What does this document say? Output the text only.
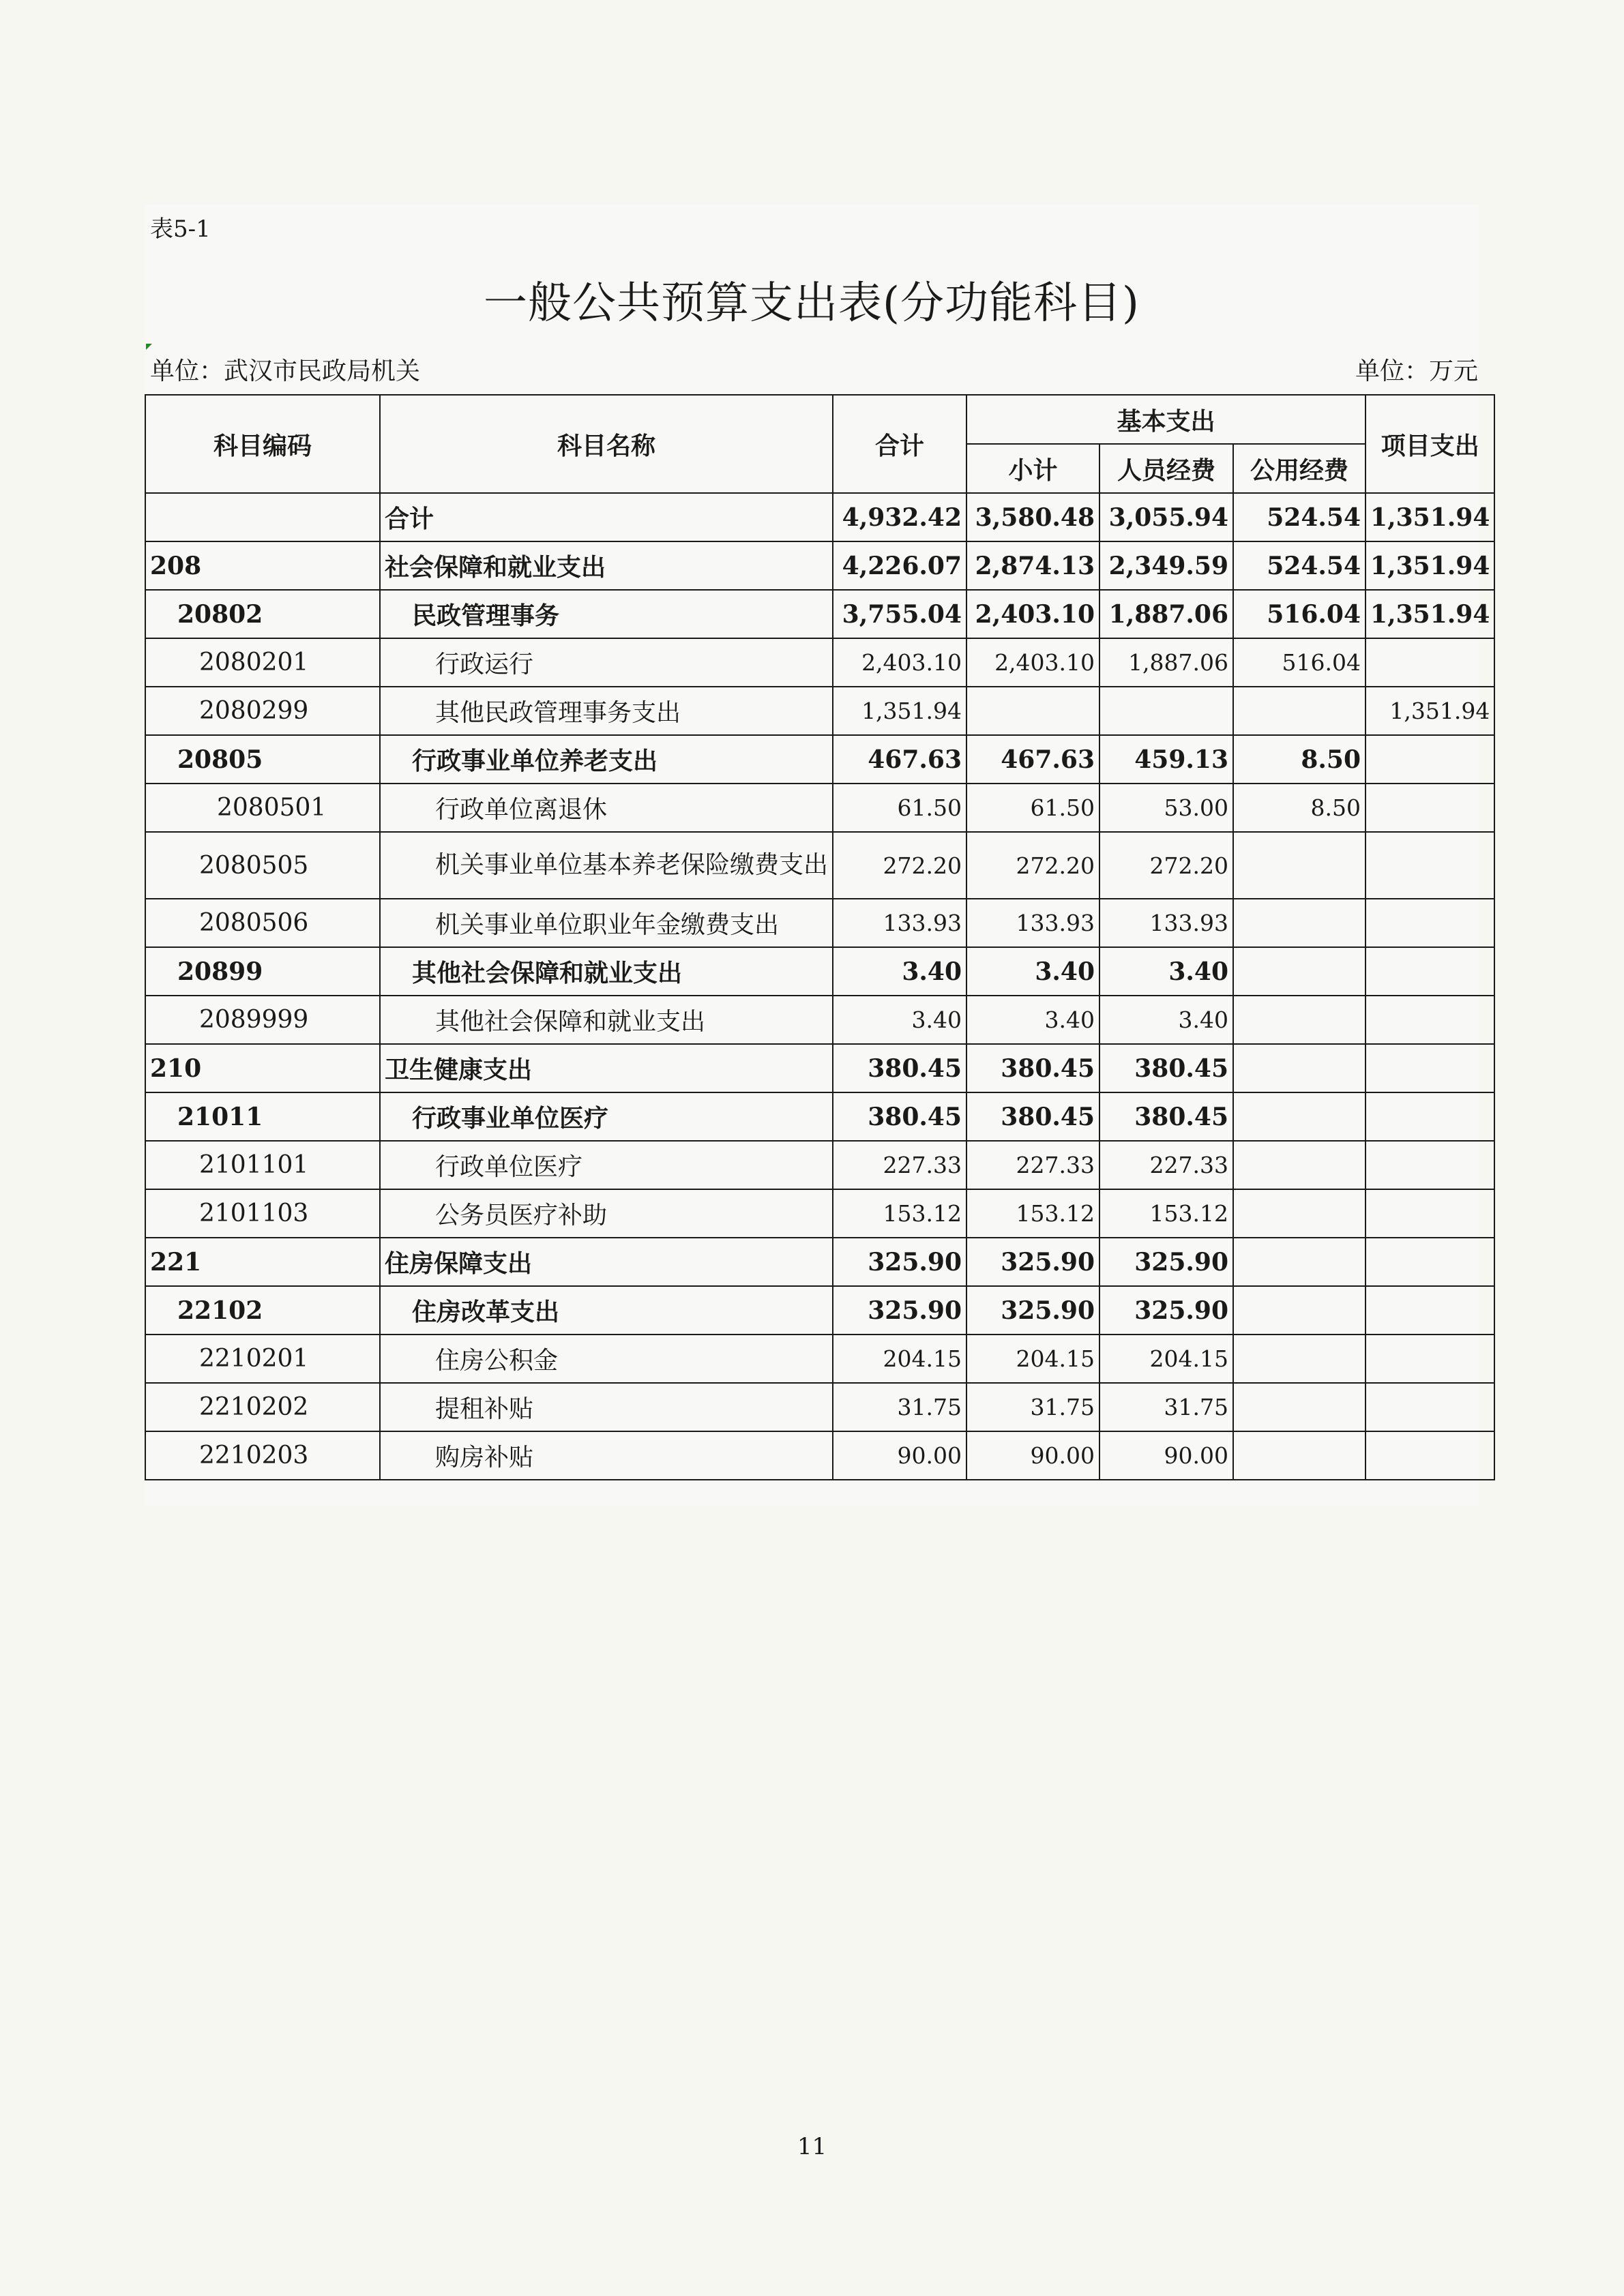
表5-1
一般公共预算支出表(分功能科目)
单位：武汉市民政局机关	单位：万元
科目编码	科目名称	合计	基本支出			项目支出
			小计	人员经费	公用经费	
	合计	4,932.42	3,580.48	3,055.94	524.54	1,351.94
208	社会保障和就业支出	4,226.07	2,874.13	2,349.59	524.54	1,351.94
20802	民政管理事务	3,755.04	2,403.10	1,887.06	516.04	1,351.94
2080201	行政运行	2,403.10	2,403.10	1,887.06	516.04	
2080299	其他民政管理事务支出	1,351.94				1,351.94
20805	行政事业单位养老支出	467.63	467.63	459.13	8.50	
2080501	行政单位离退休	61.50	61.50	53.00	8.50	
2080505	机关事业单位基本养老保险缴费支出	272.20	272.20	272.20		
2080506	机关事业单位职业年金缴费支出	133.93	133.93	133.93		
20899	其他社会保障和就业支出	3.40	3.40	3.40		
2089999	其他社会保障和就业支出	3.40	3.40	3.40		
210	卫生健康支出	380.45	380.45	380.45		
21011	行政事业单位医疗	380.45	380.45	380.45		
2101101	行政单位医疗	227.33	227.33	227.33		
2101103	公务员医疗补助	153.12	153.12	153.12		
221	住房保障支出	325.90	325.90	325.90		
22102	住房改革支出	325.90	325.90	325.90		
2210201	住房公积金	204.15	204.15	204.15		
2210202	提租补贴	31.75	31.75	31.75		
2210203	购房补贴	90.00	90.00	90.00		
11
